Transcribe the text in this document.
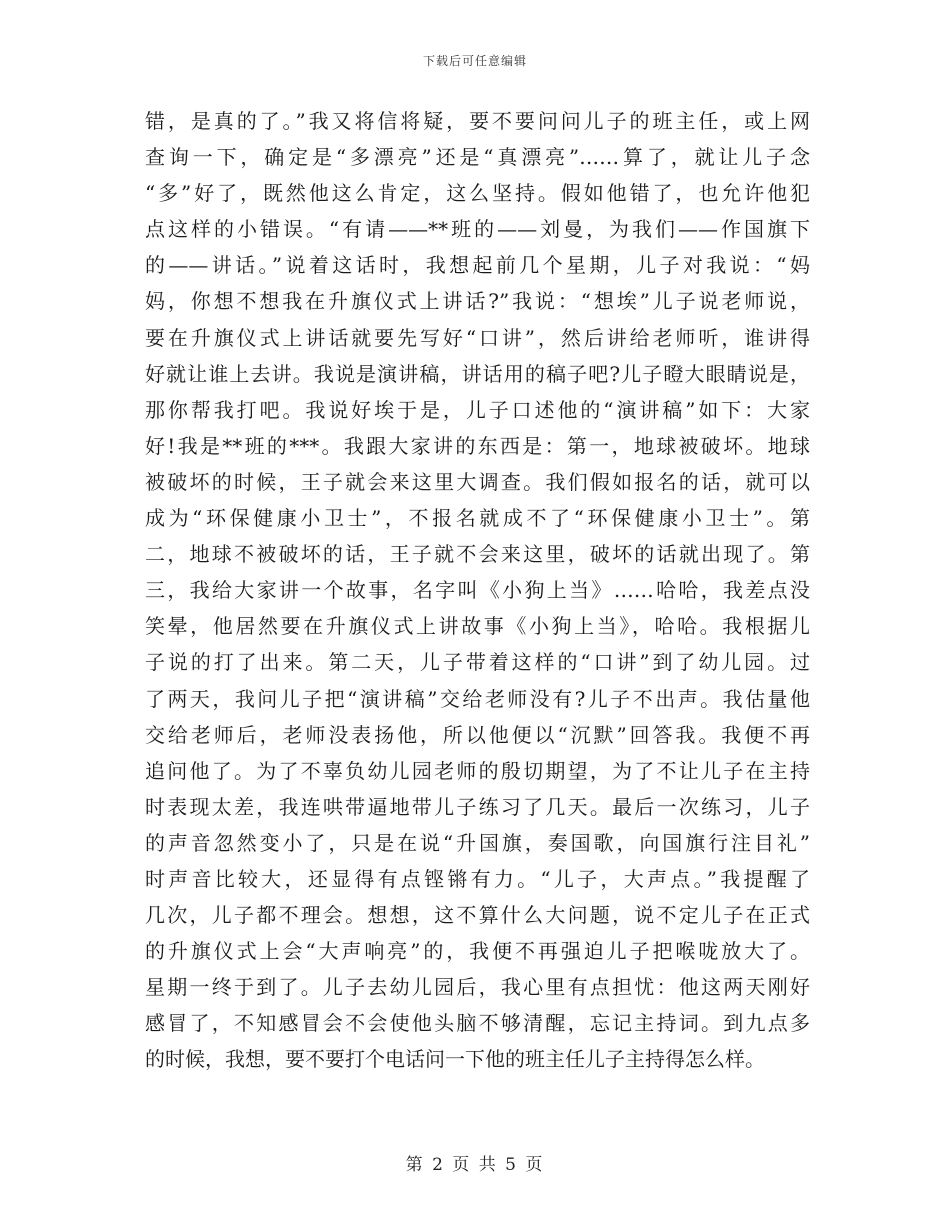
下载后可任意编辑
错，是真的了。”我又将信将疑，要不要问问儿子的班主任，或上网
查询一下，确定是“多漂亮”还是“真漂亮”……算了，就让儿子念
“多”好了，既然他这么肯定，这么坚持。假如他错了，也允许他犯
点这样的小错误。“有请——**班的——刘曼，为我们——作国旗下
的——讲话。”说着这话时，我想起前几个星期，儿子对我说：“妈
妈，你想不想我在升旗仪式上讲话?”我说：“想埃”儿子说老师说，
要在升旗仪式上讲话就要先写好“口讲”，然后讲给老师听，谁讲得
好就让谁上去讲。我说是演讲稿，讲话用的稿子吧?儿子瞪大眼睛说是，
那你帮我打吧。我说好埃于是，儿子口述他的“演讲稿”如下：大家
好!我是**班的***。我跟大家讲的东西是：第一，地球被破坏。地球
被破坏的时候，王子就会来这里大调查。我们假如报名的话，就可以
成为“环保健康小卫士”，不报名就成不了“环保健康小卫士”。第
二，地球不被破坏的话，王子就不会来这里，破坏的话就出现了。第
三，我给大家讲一个故事，名字叫《小狗上当》……哈哈，我差点没
笑晕，他居然要在升旗仪式上讲故事《小狗上当》，哈哈。我根据儿
子说的打了出来。第二天，儿子带着这样的“口讲”到了幼儿园。过
了两天，我问儿子把“演讲稿”交给老师没有?儿子不出声。我估量他
交给老师后，老师没表扬他，所以他便以“沉默”回答我。我便不再
追问他了。为了不辜负幼儿园老师的殷切期望，为了不让儿子在主持
时表现太差，我连哄带逼地带儿子练习了几天。最后一次练习，儿子
的声音忽然变小了，只是在说“升国旗，奏国歌，向国旗行注目礼”
时声音比较大，还显得有点铿锵有力。“儿子，大声点。”我提醒了
几次，儿子都不理会。想想，这不算什么大问题，说不定儿子在正式
的升旗仪式上会“大声响亮”的，我便不再强迫儿子把喉咙放大了。
星期一终于到了。儿子去幼儿园后，我心里有点担忧：他这两天刚好
感冒了，不知感冒会不会使他头脑不够清醒，忘记主持词。到九点多
的时候，我想，要不要打个电话问一下他的班主任儿子主持得怎么样。
第 2 页 共 5 页
